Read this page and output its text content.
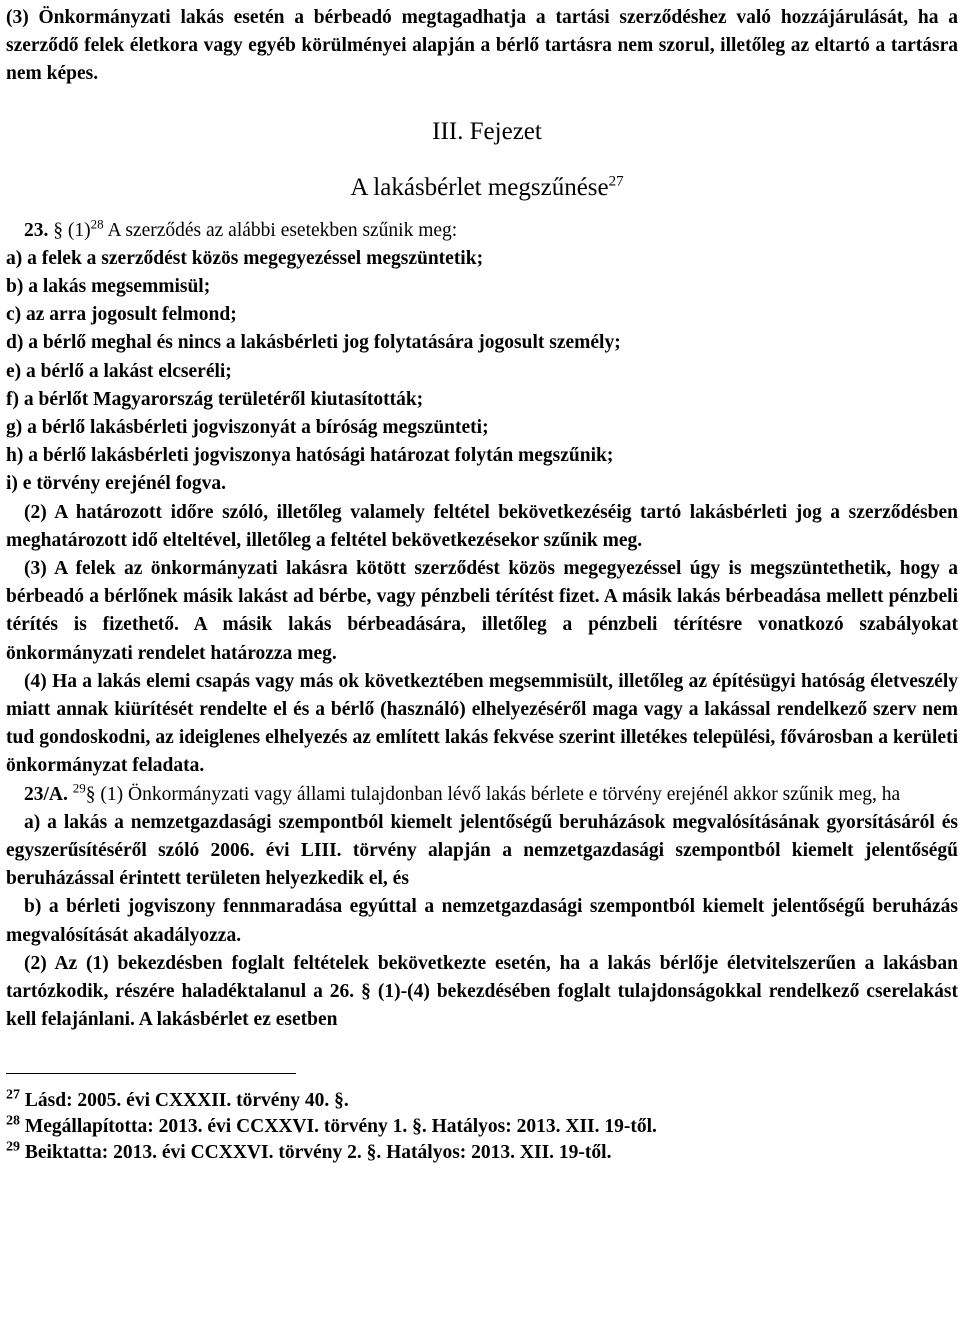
(3) Önkormányzati lakás esetén a bérbeadó megtagadhatja a tartási szerződéshez való hozzájárulását, ha a szerződő felek életkora vagy egyéb körülményei alapján a bérlő tartásra nem szorul, illetőleg az eltartó a tartásra nem képes.

III. Fejezet

A lakásbérlet megszűnése$^{27}$

23. § $(1)^{28}$ A szerződés az alábbi esetekben szűnik meg:

a) a felek a szerződést közös megegyezéssel megszüntetik;

b) a lakás megsemmisül;

c) az arra jogosult felmond;

d) a bérlő meghal és nincs a lakásbérleti jog folytatására jogosult személy;

e) a bérlő a lakást elcseréli;

f) a bérlőt Magyarország területéről kiutasították;

g) a bérlő lakásbérleti jogviszonyát a bíróság megszünteti;

h) a bérlő lakásbérleti jogviszonya hatósági határozat folytán megszűnik;

i) e törvény erejénél fogva.

(2) A határozott időre szóló, illetőleg valamely feltétel bekövetkezéséig tartó lakásbérleti jog a szerződésben meghatározott idő elteltével, illetőleg a feltétel bekövetkezésekor szűnik meg.

(3) A felek az önkormányzati lakásra kötött szerződést közös megegyezéssel úgy is megszüntethetik, hogy a bérbeadó a bérlőnek másik lakást ad bérbe, vagy pénzbeli térítést fizet. A másik lakás bérbeadása mellett pénzbeli térítés is fizethető. A másik lakás bérbeadására, illetőleg a pénzbeli térítésre vonatkozó szabályokat önkormányzati rendelet határozza meg.

(4) Ha a lakás elemi csapás vagy más ok következtében megsemmisült, illetőleg az építésügyi hatóság életveszély miatt annak kiürítését rendelte el és a bérlő (használó) elhelyezéséről maga vagy a lakással rendelkező szerv nem tud gondoskodni, az ideiglenes elhelyezés az említett lakás fekvése szerint illetékes települési, fővárosban a kerületi önkormányzat feladata.

23/A. $^{29}$§ (1) Önkormányzati vagy állami tulajdonban lévő lakás bérlete e törvény erejénél akkor szűnik meg, ha

a) a lakás a nemzetgazdasági szempontból kiemelt jelentőségű beruházások megvalósításának gyorsításáról és egyszerűsítéséről szóló 2006. évi LIII. törvény alapján a nemzetgazdasági szempontból kiemelt jelentőségű beruházással érintett területen helyezkedik el, és

b) a bérleti jogviszony fennmaradása egyúttal a nemzetgazdasági szempontból kiemelt jelentőségű beruházás megvalósítását akadályozza.

(2) Az (1) bekezdésben foglalt feltételek bekövetkezte esetén, ha a lakás bérlője életvitelszerűen a lakásban tartózkodik, részére haladéktalanul a 26. § (1)-(4) bekezdésében foglalt tulajdonságokkal rendelkező cserelakást kell felajánlani. A lakásbérlet ez esetben

$^{27}$ Lásd: 2005. évi CXXXII. törvény 40. §.

$^{28}$ Megállapította: 2013. évi CCXXVI. törvény 1. §. Hatályos: 2013. XII. 19-től.

$^{29}$ Beiktatta: 2013. évi CCXXVI. törvény 2. §. Hatályos: 2013. XII. 19-től.
